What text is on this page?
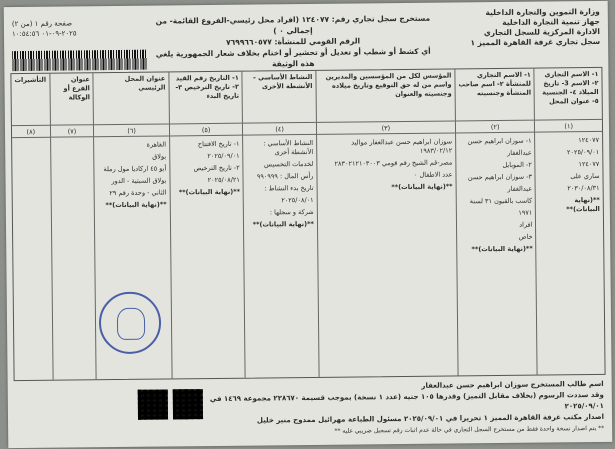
وزارة التموين والتجارة الداخلية
جهاز تنمية التجارة الداخلية
الادارة المركزية للسجل التجاري
سجل تجاري غرفة القاهرة المميز ١
مستخرج سجل تجاري رقم: ١٢٤٠٧٧ (افراد محل رئيسي-الفروع القائمة- من إجمالي ٠ )
الرقم القومي للمنشأة: ٧٦٩٩٦٦٠٥٧٧
أي كشط أو شطب أو تعديل أو تحشير أو اختام بخلاف شعار الجمهورية يلغي هذه الوثيقة
صفحة رقم ١ (من ٢)
٢٠٢٥-٠٩-٠١ ١٠:٥٤:٥٦
١- الاسم التجاري ٢- الاسم 3- تاريخ الميلاد ٤- الجنسية ٥- عنوان المحل
(١)
١٢٤٠٧٧
٢٠٢٥/٠٩/٠١
١٢٤٠٧٧
ساري على
٢٠٣٠/٠٨/٣١
**(نهاية البيانات)**
١- الاسم التجاري للمنشأة ٢- اسم صاحب المنشأة وجنسيته
(٢)
١- سوزان ابراهيم حسن
عبدالغفار
٢- الموبايل
٣- سوزان ابراهيم حسن
عبدالغفار
كاسب بالقيون ٣١ لسنة
١٩٧١
افراد
خاص
**(نهاية البيانات)**
المؤسس لكل من المؤسسين والمديرين واسم من له حق التوقيع وتاريخ ميلاده وجنسيته والعنوان
(٣)
سوزان ابراهيم حسن عبدالغفار مواليد ١٩٨٣/٠٢/١٢
مصر-قم الشيخ رقم قومي ٢٨٣٠٢١٢١٠٣٠٠٣
عدد الاطفال ٠
**(نهاية البيانات)**
النشاط الأساسي - الأنشطة الأخرى
(٤)
النشاط الأساسي : الأنشطة أخرى
لخدمات التخسيس
رأس المال : ٩٩٠٩٩٩
تاريخ بدء النشاط :
٢٠٢٥/٠٨/٠١
شركة و سجلها :
**(نهاية البيانات)**
١- التاريخ رقم القيد ٢- تاريخ الترخيص ٣- تاريخ البدء
(٥)
١- تاريخ الافتتاح
٢٠٢٥/٠٩/٠١
٢- تاريخ الترخيص
٢٠٢٥/٠٨/٢١
**(نهاية البيانات)**
عنوان المحل الرئيسي
(٦)
القاهرة
بولاق
أبو ٤٥ اركاديا مول رملة
بولاق السبتية - الدور
الثاني - وحدة رقم ٢٩
**(نهاية البيانات)**
عنوان الفرع أو الوكالة
(٧)
التأشيرات
(٨)
اسم طالب المستخرج سوزان ابراهيم حسن عبدالغفار
وقد سددت الرسوم (بخلاف مقابل التميز) وقدرها ١٠٥ جنيه (عدد ١ نسخة) بموجب قسيمة ٢٢٨٦٧٠ مجموعة ١٤٦٩ في ٢٠٢٥/٠٩/٠١
اصدار مكتب غرفة القاهرة المميز ١ تحريرا في ٢٠٢٥/٠٩/٠١ مسئول الطباعة مهرائيل ممدوح منير خليل
** يتم اصدار نسخة واحدة فقط من مستخرج السجل التجاري في حالة عدم اثبات رقم تسجيل ضريبي عليه **
